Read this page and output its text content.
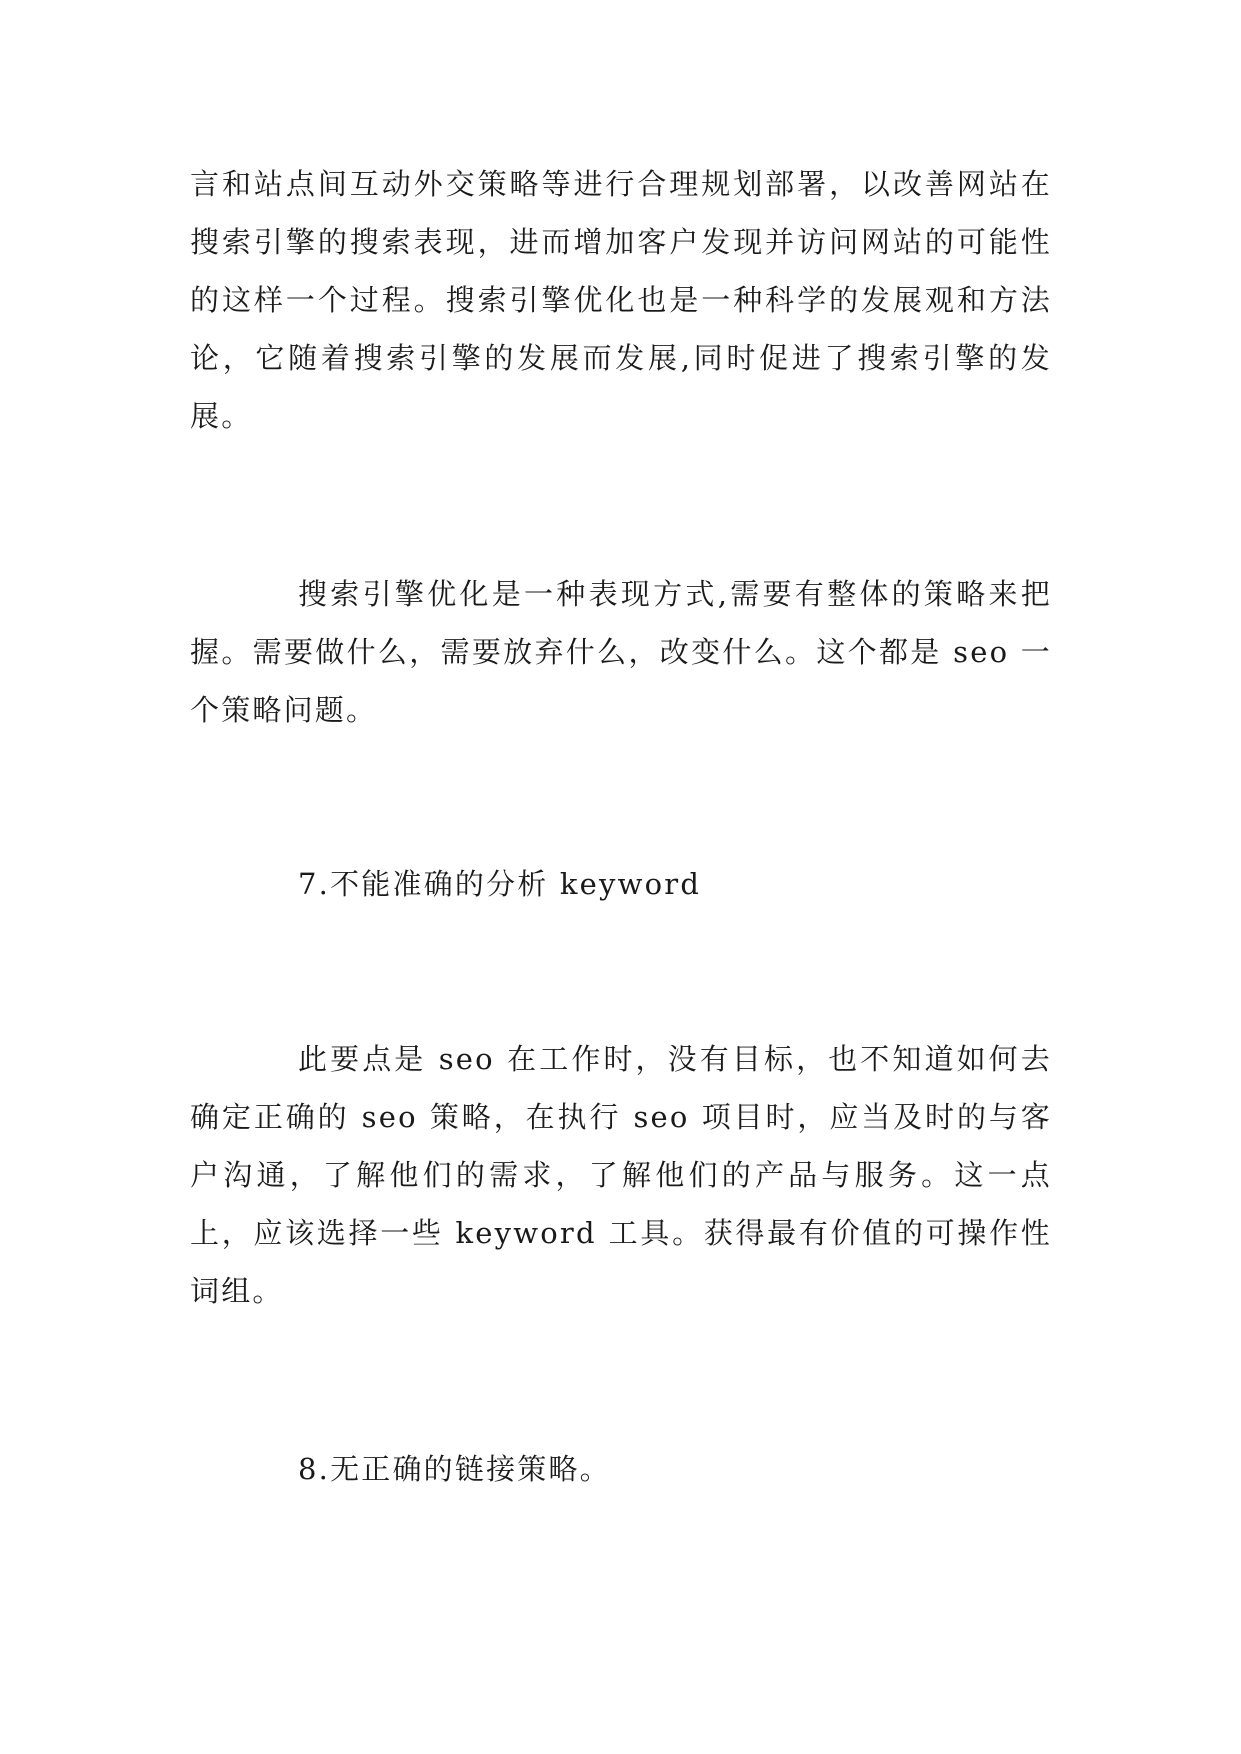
言和站点间互动外交策略等进行合理规划部署，以改善网站在搜索引擎的搜索表现，进而增加客户发现并访问网站的可能性的这样一个过程。搜索引擎优化也是一种科学的发展观和方法论，它随着搜索引擎的发展而发展,同时促进了搜索引擎的发展。

搜索引擎优化是一种表现方式,需要有整体的策略来把握。需要做什么，需要放弃什么，改变什么。这个都是 seo 一个策略问题。

7.不能准确的分析 keyword

此要点是 seo 在工作时，没有目标，也不知道如何去确定正确的 seo 策略，在执行 seo 项目时，应当及时的与客户沟通，了解他们的需求，了解他们的产品与服务。这一点上，应该选择一些 keyword 工具。获得最有价值的可操作性词组。

8.无正确的链接策略。
